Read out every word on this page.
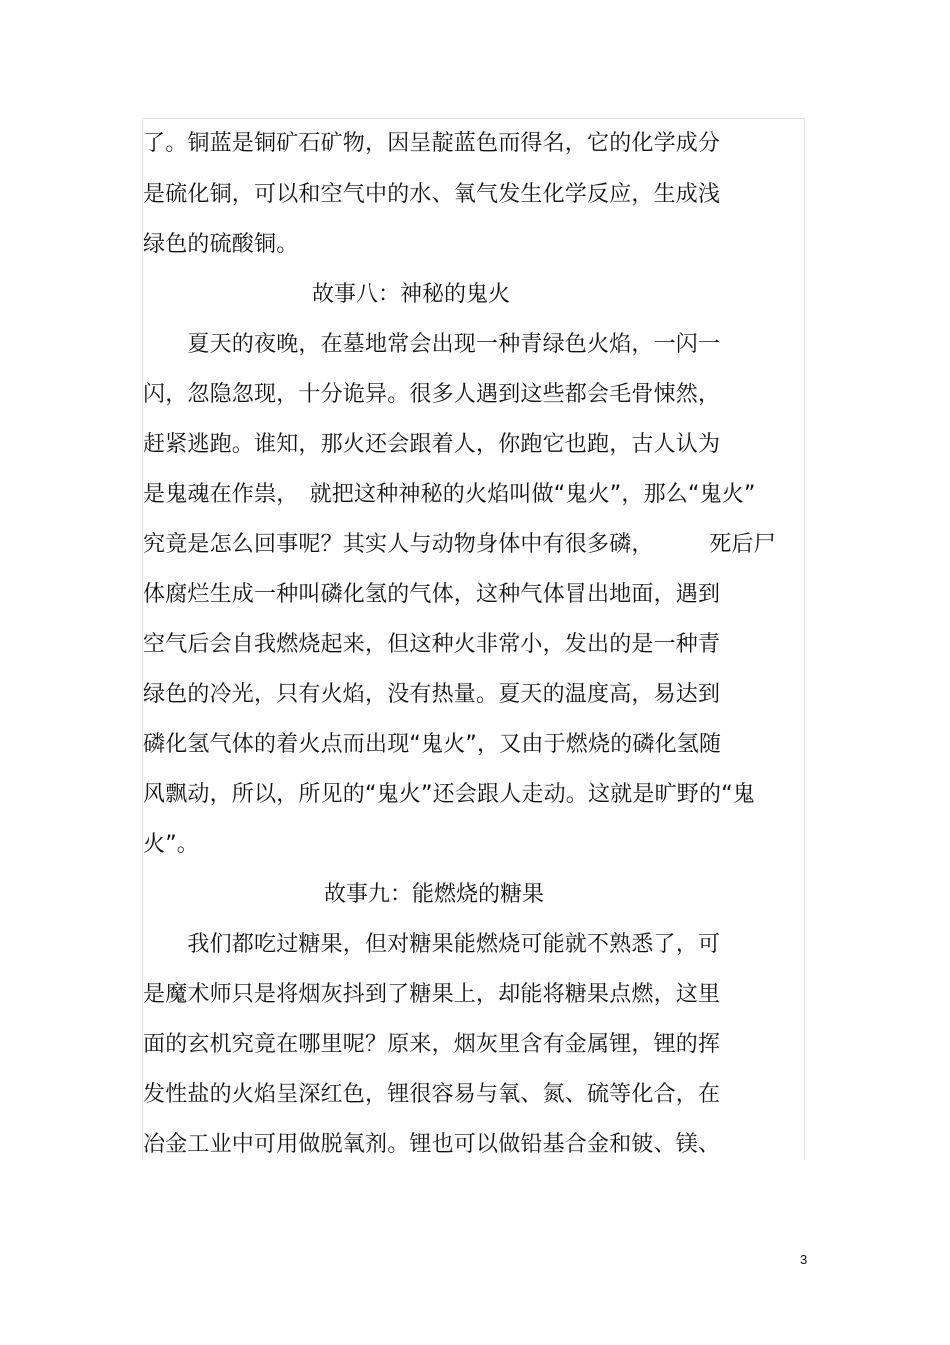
了。铜蓝是铜矿石矿物，因呈靛蓝色而得名，它的化学成分
是硫化铜，可以和空气中的水、氧气发生化学反应，生成浅
绿色的硫酸铜。
故事八：神秘的鬼火
　　夏天的夜晚，在墓地常会出现一种青绿色火焰，一闪一
闪，忽隐忽现，十分诡异。很多人遇到这些都会毛骨悚然，
赶紧逃跑。谁知，那火还会跟着人，你跑它也跑，古人认为
是鬼魂在作祟，　就把这种神秘的火焰叫做“鬼火”，那么“鬼火”
究竟是怎么回事呢？其实人与动物身体中有很多磷，　　　死后尸
体腐烂生成一种叫磷化氢的气体，这种气体冒出地面，遇到
空气后会自我燃烧起来，但这种火非常小，发出的是一种青
绿色的冷光，只有火焰，没有热量。夏天的温度高，易达到
磷化氢气体的着火点而出现“鬼火”，又由于燃烧的磷化氢随
风飘动，所以，所见的“鬼火”还会跟人走动。这就是旷野的“鬼
火”。
故事九：能燃烧的糖果
　　我们都吃过糖果，但对糖果能燃烧可能就不熟悉了，可
是魔术师只是将烟灰抖到了糖果上，却能将糖果点燃，这里
面的玄机究竟在哪里呢？原来，烟灰里含有金属锂，锂的挥
发性盐的火焰呈深红色，锂很容易与氧、氮、硫等化合，在
冶金工业中可用做脱氧剂。锂也可以做铅基合金和铍、镁、
3
